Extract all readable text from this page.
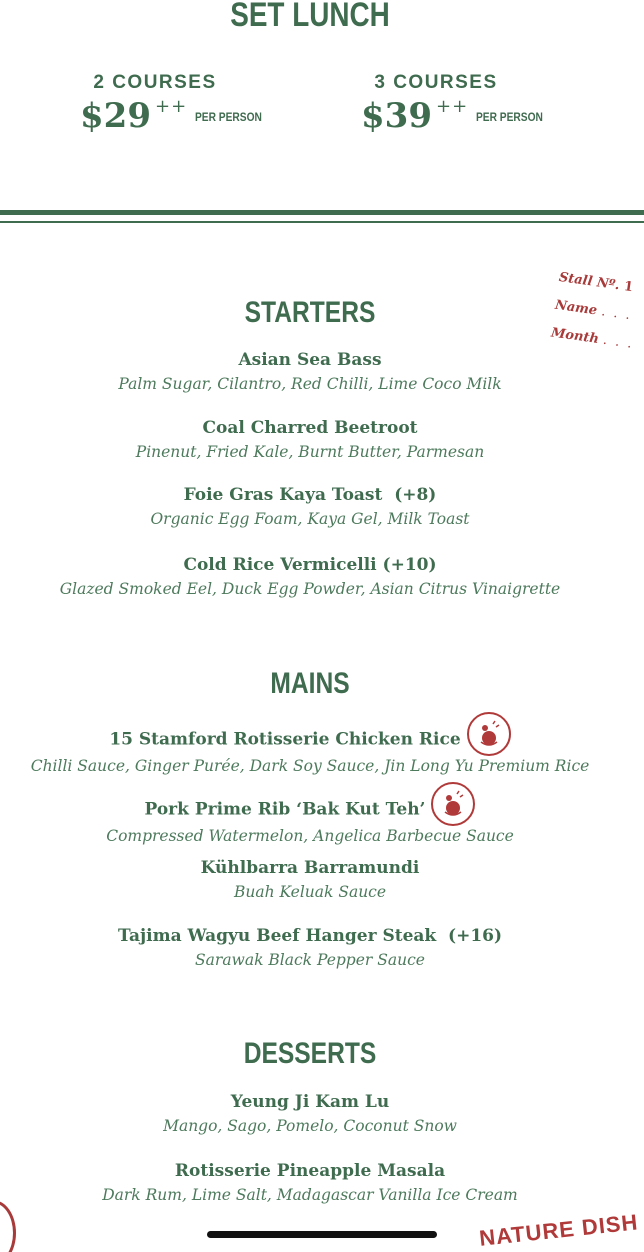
SET LUNCH
2 COURSES
$29 ++ PER PERSON
3 COURSES
$39 ++ PER PERSON
Stall Nº. 1
Name . . .
Month . . .
STARTERS
Asian Sea Bass
Palm Sugar, Cilantro, Red Chilli, Lime Coco Milk
Coal Charred Beetroot
Pinenut, Fried Kale, Burnt Butter, Parmesan
Foie Gras Kaya Toast  (+8)
Organic Egg Foam, Kaya Gel, Milk Toast
Cold Rice Vermicelli (+10)
Glazed Smoked Eel, Duck Egg Powder, Asian Citrus Vinaigrette
MAINS
15 Stamford Rotisserie Chicken Rice
Chilli Sauce, Ginger Purée, Dark Soy Sauce, Jin Long Yu Premium Rice
Pork Prime Rib ‘Bak Kut Teh’
Compressed Watermelon, Angelica Barbecue Sauce
Kühlbarra Barramundi
Buah Keluak Sauce
Tajima Wagyu Beef Hanger Steak  (+16)
Sarawak Black Pepper Sauce
DESSERTS
Yeung Ji Kam Lu
Mango, Sago, Pomelo, Coconut Snow
Rotisserie Pineapple Masala
Dark Rum, Lime Salt, Madagascar Vanilla Ice Cream
NATURE DISH
